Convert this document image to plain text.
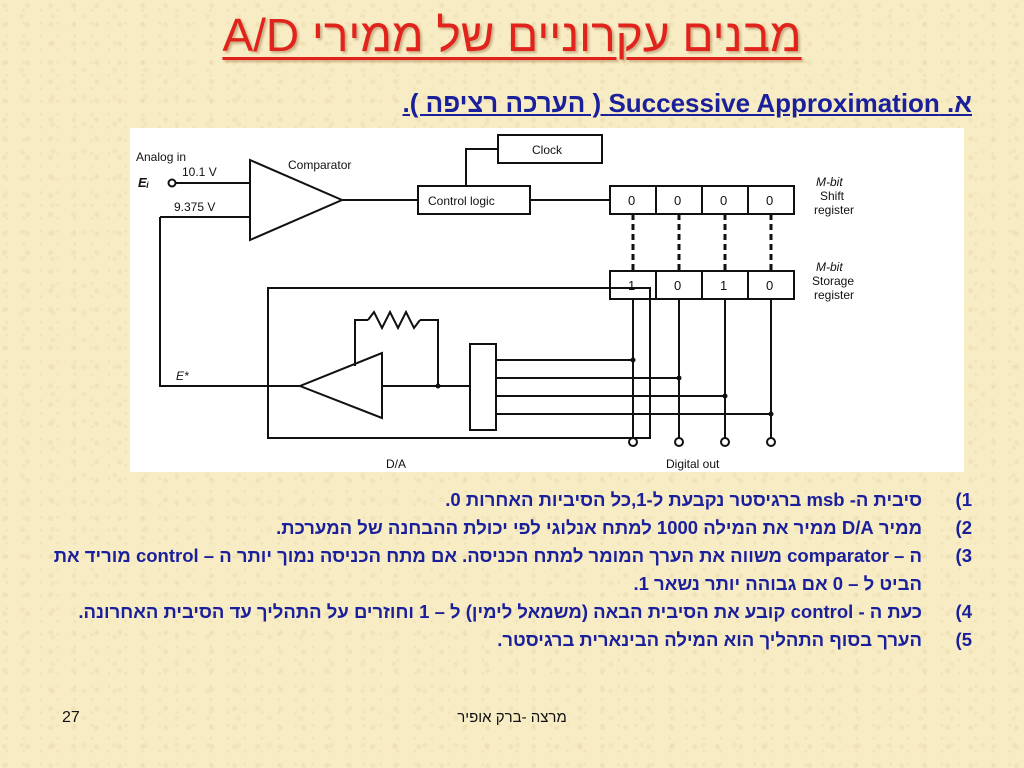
מבנים עקרוניים של ממירי A/D
א. Successive Approximation ( הערכה רציפה ).
Analog in
Eᵢ
10.1 V
9.375 V
Comparator
Clock
Control logic
M-bit
Shift
register
M-bit
Storage
register
E*
D/A	Digital out
0	0	0	0
1	0	1	0
1)
סיבית ה- msb ברגיסטר נקבעת ל-1,כל הסיביות האחרות 0.
2)
ממיר D/A ממיר את המילה 1000 למתח אנלוגי לפי יכולת ההבחנה של המערכת.
3)
ה – comparator משווה את הערך המומר למתח הכניסה. אם מתח הכניסה נמוך יותר ה – control מוריד את הביט ל – 0 אם גבוהה יותר נשאר 1.
4)
כעת ה - control קובע את הסיבית הבאה (משמאל לימין) ל – 1 וחוזרים על התהליך עד הסיבית האחרונה.
5)
הערך בסוף התהליך הוא המילה הבינארית ברגיסטר.
27	מרצה -ברק אופיר
